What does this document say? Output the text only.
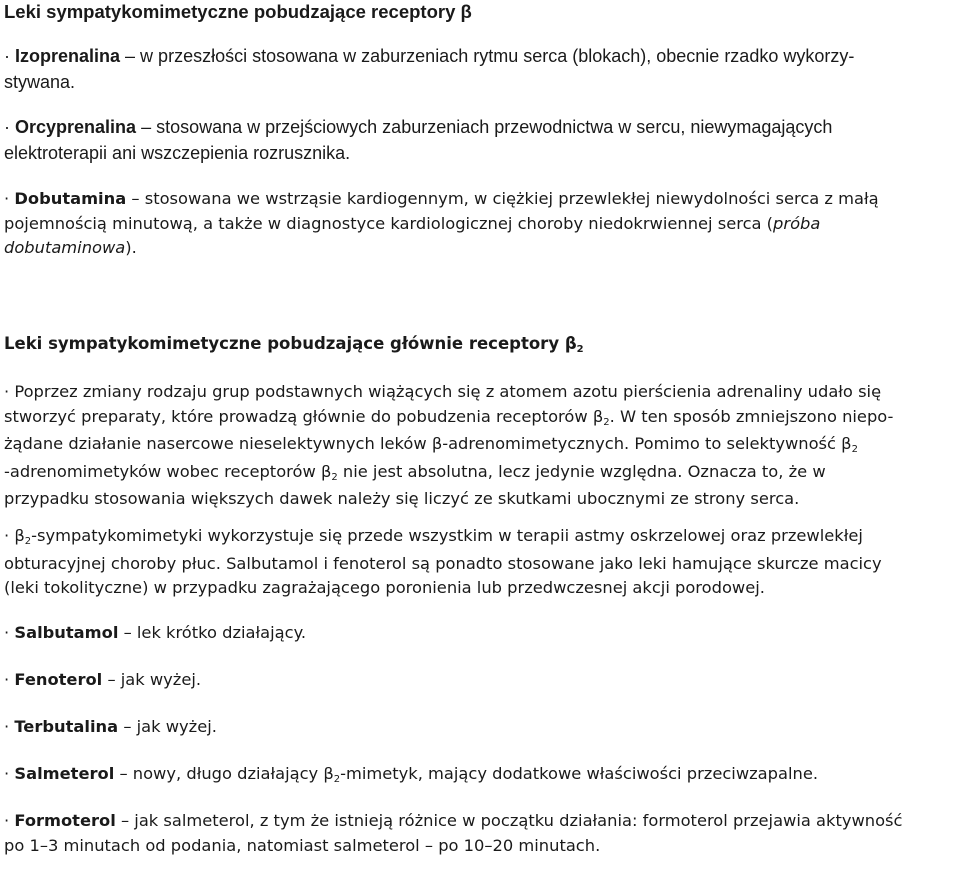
Leki sympatykomimetyczne pobudzające receptory β

· Izoprenalina – w przeszłości stosowana w zaburzeniach rytmu serca (blokach), obecnie rzadko wykorzy-
stywana.

· Orcyprenalina – stosowana w przejściowych zaburzeniach przewodnictwa w sercu, niewymagających
elektroterapii ani wszczepienia rozrusznika.

· Dobutamina – stosowana we wstrząsie kardiogennym, w ciężkiej przewlekłej niewydolności serca z małą
pojemnością minutową, a także w diagnostyce kardiologicznej choroby niedokrwiennej serca (próba
dobutaminowa).

Leki sympatykomimetyczne pobudzające głównie receptory $\beta_2$

· Poprzez zmiany rodzaju grup podstawnych wiążących się z atomem azotu pierścienia adrenaliny udało się
stworzyć preparaty, które prowadzą głównie do pobudzenia receptorów $\beta_2$. W ten sposób zmniejszono niepo-
żądane działanie nasercowe nieselektywnych leków β-adrenomimetycznych. Pomimo to selektywność $\beta_2$
-adrenomimetyków wobec receptorów $\beta_2$ nie jest absolutna, lecz jedynie względna. Oznacza to, że w
przypadku stosowania większych dawek należy się liczyć ze skutkami ubocznymi ze strony serca.

· $\beta_2$-sympatykomimetyki wykorzystuje się przede wszystkim w terapii astmy oskrzelowej oraz przewlekłej
obturacyjnej choroby płuc. Salbutamol i fenoterol są ponadto stosowane jako leki hamujące skurcze macicy
(leki tokolityczne) w przypadku zagrażającego poronienia lub przedwczesnej akcji porodowej.

· Salbutamol – lek krótko działający.

· Fenoterol – jak wyżej.

· Terbutalina – jak wyżej.

· Salmeterol – nowy, długo działający $\beta_2$-mimetyk, mający dodatkowe właściwości przeciwzapalne.

· Formoterol – jak salmeterol, z tym że istnieją różnice w początku działania: formoterol przejawia aktywność
po 1–3 minutach od podania, natomiast salmeterol – po 10–20 minutach.
